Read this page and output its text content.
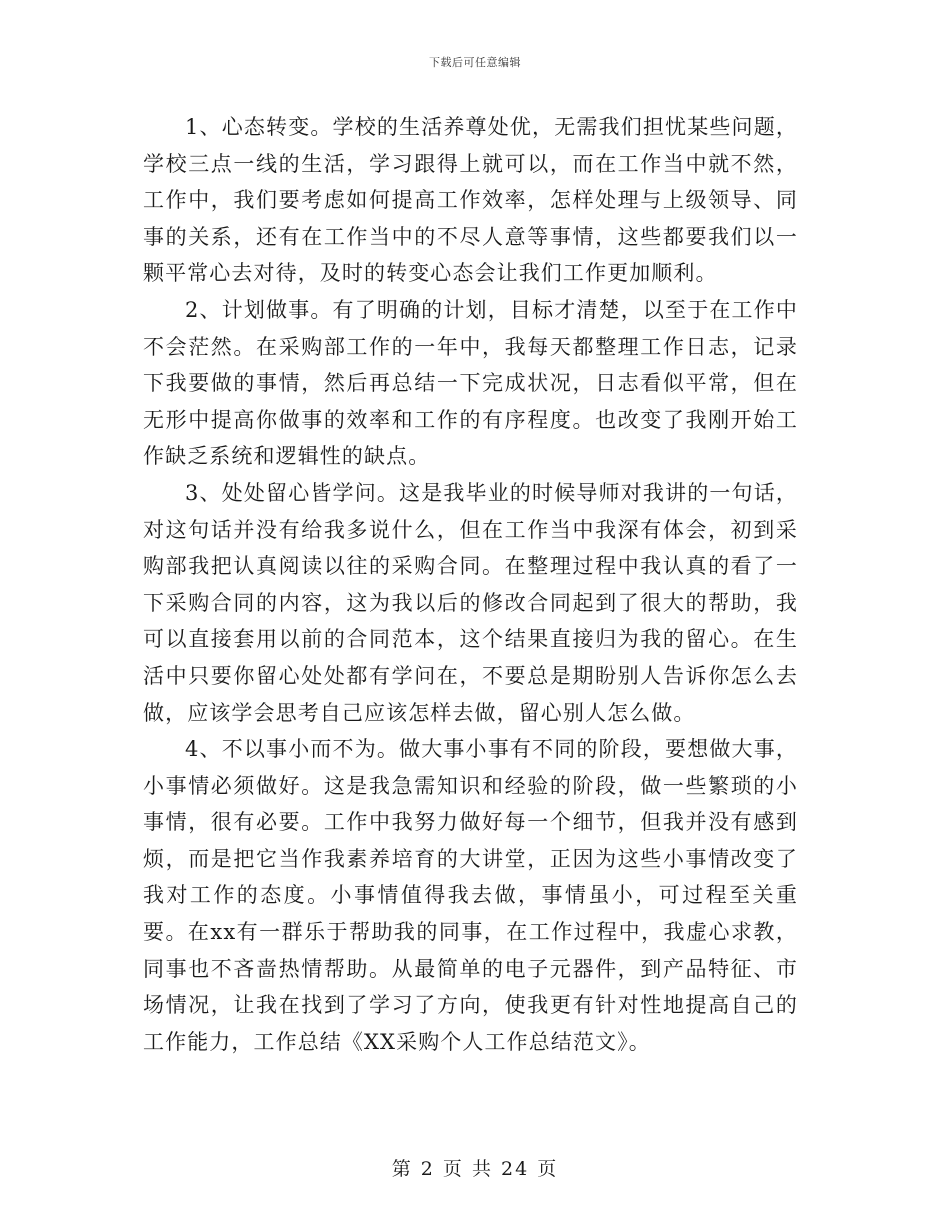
下载后可任意编辑

1、心态转变。学校的生活养尊处优，无需我们担忧某些问题，学校三点一线的生活，学习跟得上就可以，而在工作当中就不然，工作中，我们要考虑如何提高工作效率，怎样处理与上级领导、同事的关系，还有在工作当中的不尽人意等事情，这些都要我们以一颗平常心去对待，及时的转变心态会让我们工作更加顺利。

2、计划做事。有了明确的计划，目标才清楚，以至于在工作中不会茫然。在采购部工作的一年中，我每天都整理工作日志，记录下我要做的事情，然后再总结一下完成状况，日志看似平常，但在无形中提高你做事的效率和工作的有序程度。也改变了我刚开始工作缺乏系统和逻辑性的缺点。

3、处处留心皆学问。这是我毕业的时候导师对我讲的一句话，对这句话并没有给我多说什么，但在工作当中我深有体会，初到采购部我把认真阅读以往的采购合同。在整理过程中我认真的看了一下采购合同的内容，这为我以后的修改合同起到了很大的帮助，我可以直接套用以前的合同范本，这个结果直接归为我的留心。在生活中只要你留心处处都有学问在，不要总是期盼别人告诉你怎么去做，应该学会思考自己应该怎样去做，留心别人怎么做。

4、不以事小而不为。做大事小事有不同的阶段，要想做大事，小事情必须做好。这是我急需知识和经验的阶段，做一些繁琐的小事情，很有必要。工作中我努力做好每一个细节，但我并没有感到烦，而是把它当作我素养培育的大讲堂，正因为这些小事情改变了我对工作的态度。小事情值得我去做，事情虽小，可过程至关重要。在xx有一群乐于帮助我的同事，在工作过程中，我虚心求教，同事也不吝啬热情帮助。从最简单的电子元器件，到产品特征、市场情况，让我在找到了学习了方向，使我更有针对性地提高自己的工作能力，工作总结《XX采购个人工作总结范文》。

第 2 页 共 24 页
